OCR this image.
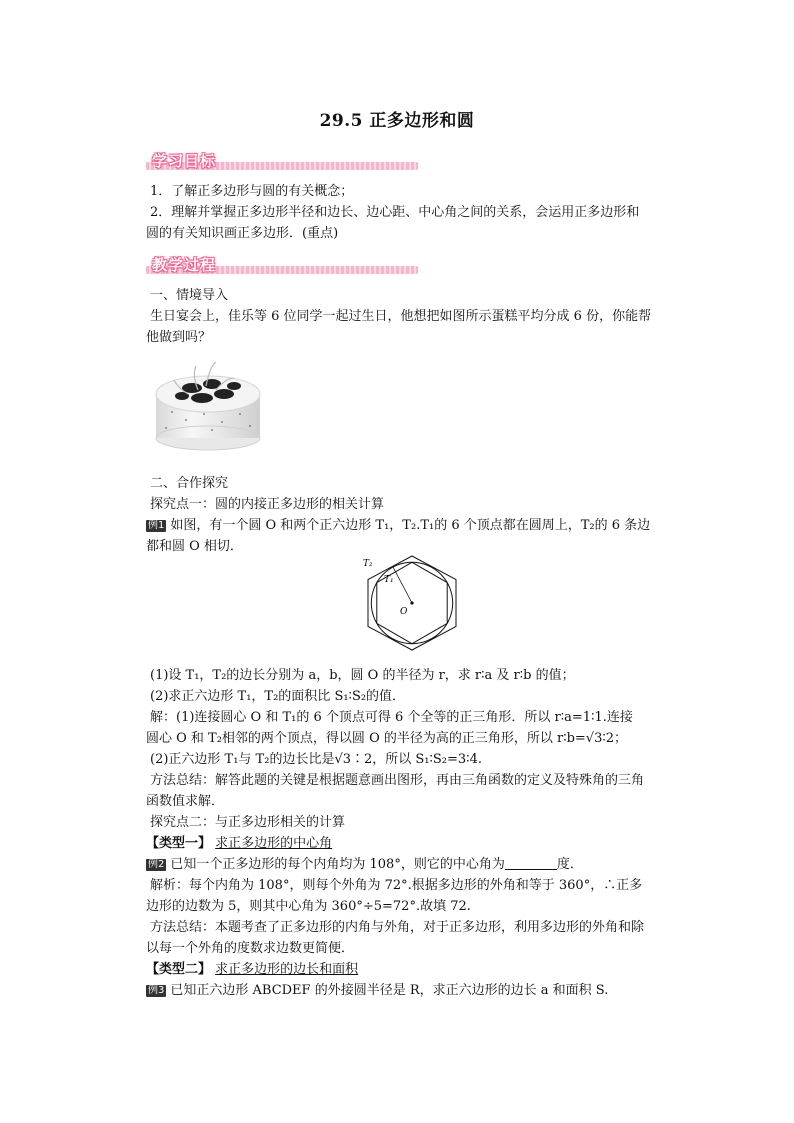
29.5 正多边形和圆
学习目标
1．了解正多边形与圆的有关概念；
2．理解并掌握正多边形半径和边长、边心距、中心角之间的关系，会运用正多边形和
圆的有关知识画正多边形．(重点)
教学过程
一、情境导入
生日宴会上，佳乐等 6 位同学一起过生日，他想把如图所示蛋糕平均分成 6 份，你能帮
他做到吗？
二、合作探究
探究点一：圆的内接正多边形的相关计算
例1 如图，有一个圆 O 和两个正六边形 T₁，T₂.T₁的 6 个顶点都在圆周上，T₂的 6 条边
都和圆 O 相切．
T₂
T₁
O
(1)设 T₁，T₂的边长分别为 a，b，圆 O 的半径为 r，求 r∶a 及 r∶b 的值；
(2)求正六边形 T₁，T₂的面积比 S₁∶S₂的值．
解：(1)连接圆心 O 和 T₁的 6 个顶点可得 6 个全等的正三角形．所以 r∶a=1∶1.连接
圆心 O 和 T₂相邻的两个顶点，得以圆 O 的半径为高的正三角形，所以 r∶b=√3∶2；
(2)正六边形 T₁与 T₂的边长比是√3∶2，所以 S₁∶S₂=3∶4.
方法总结：解答此题的关键是根据题意画出图形，再由三角函数的定义及特殊角的三角
函数值求解．
探究点二：与正多边形相关的计算
【类型一】 求正多边形的中心角
例2 已知一个正多边形的每个内角均为 108°，则它的中心角为	度．
解析：每个内角为 108°，则每个外角为 72°.根据多边形的外角和等于 360°，∴正多
边形的边数为 5，则其中心角为 360°÷5=72°.故填 72.
方法总结：本题考查了正多边形的内角与外角，对于正多边形，利用多边形的外角和除
以每一个外角的度数求边数更简便．
【类型二】 求正多边形的边长和面积
例3 已知正六边形 ABCDEF 的外接圆半径是 R，求正六边形的边长 a 和面积 S.
